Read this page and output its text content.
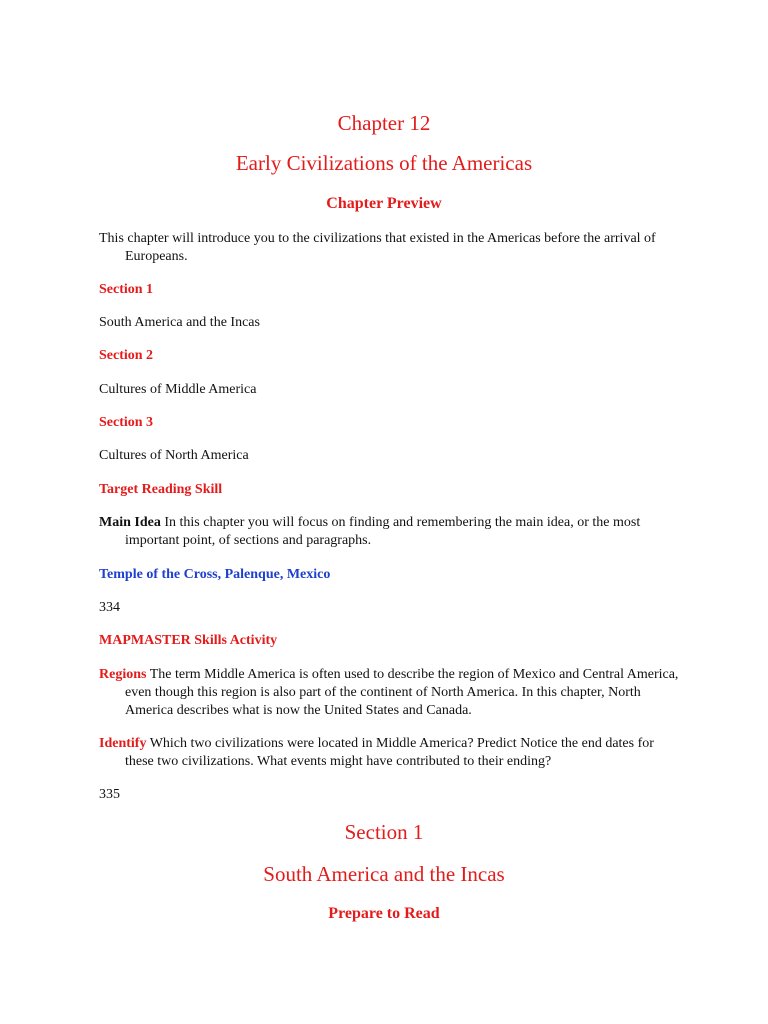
Chapter 12
Early Civilizations of the Americas
Chapter Preview

This chapter will introduce you to the civilizations that existed in the Americas before the arrival of Europeans.

Section 1

South America and the Incas

Section 2

Cultures of Middle America

Section 3

Cultures of North America

Target Reading Skill

Main Idea In this chapter you will focus on finding and remembering the main idea, or the most important point, of sections and paragraphs.

Temple of the Cross, Palenque, Mexico

334

MAPMASTER Skills Activity

Regions The term Middle America is often used to describe the region of Mexico and Central America, even though this region is also part of the continent of North America. In this chapter, North America describes what is now the United States and Canada.

Identify Which two civilizations were located in Middle America? Predict Notice the end dates for these two civilizations. What events might have contributed to their ending?

335

Section 1
South America and the Incas
Prepare to Read
